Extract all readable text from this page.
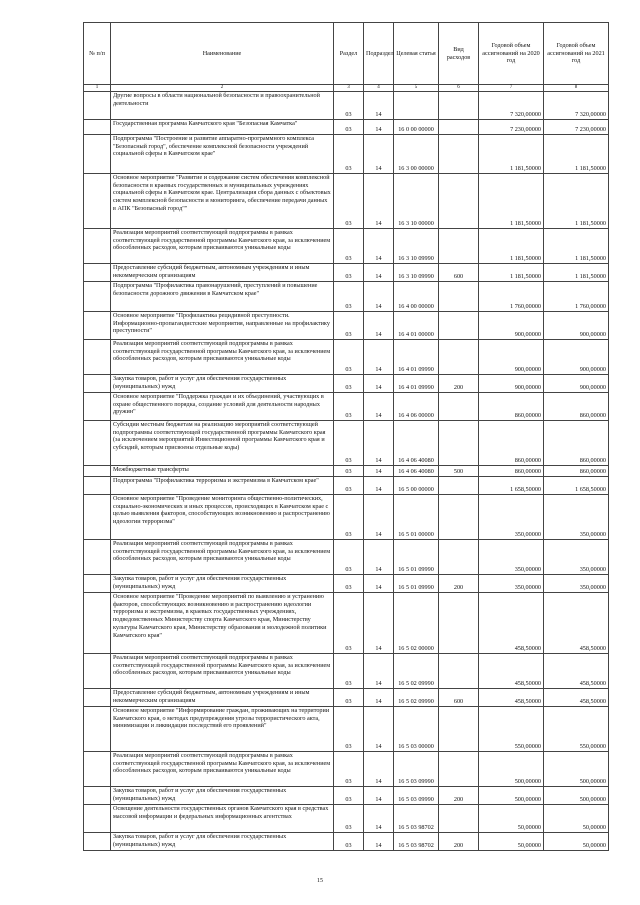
№ п/п	Наименование	Раздел	Подраздел	Целевая статья	Вид расходов	Годовой объем ассигнований на 2020 год	Годовой объем ассигнований на 2021 год
1	2	3	4	5	6	7	8
	Другие вопросы в области национальной безопасности и правоохранительной деятельности	03	14			7 320,00000	7 320,00000
	Государственная программа Камчатского края "Безопасная Камчатка"	03	14	16 0 00 00000		7 230,00000	7 230,00000
	Подпрограмма "Построение и развитие аппаратно-программного комплекса "Безопасный город", обеспечение комплексной безопасности учреждений социальной сферы в Камчатском крае"	03	14	16 3 00 00000		1 181,50000	1 181,50000
	Основное мероприятие "Развитие и содержание систем обеспечения комплексной безопасности в краевых государственных и муниципальных учреждениях социальной сферы в Камчатском крае. Централизация сбора данных с объектовых систем комплексной безопасности и мониторинга, обеспечение передачи данных в АПК "Безопасный город""	03	14	16 3 10 00000		1 181,50000	1 181,50000
	Реализация мероприятий соответствующей подпрограммы в рамках соответствующей государственной программы Камчатского края, за исключением обособленных расходов, которым присваиваются уникальные коды	03	14	16 3 10 09990		1 181,50000	1 181,50000
	Предоставление субсидий бюджетным, автономным учреждениям и иным некоммерческим организациям	03	14	16 3 10 09990	600	1 181,50000	1 181,50000
	Подпрограмма "Профилактика правонарушений, преступлений и повышение безопасности дорожного движения в Камчатском крае"	03	14	16 4 00 00000		1 760,00000	1 760,00000
	Основное мероприятие "Профилактика рецидивной преступности. Информационно-пропагандистские мероприятия, направленные на профилактику преступности"	03	14	16 4 01 00000		900,00000	900,00000
	Реализация мероприятий соответствующей подпрограммы в рамках соответствующей государственной программы Камчатского края, за исключением обособленных расходов, которым присваиваются уникальные коды	03	14	16 4 01 09990		900,00000	900,00000
	Закупка товаров, работ и услуг для обеспечения государственных (муниципальных) нужд	03	14	16 4 01 09990	200	900,00000	900,00000
	Основное мероприятие "Поддержка граждан и их объединений, участвующих в охране общественного порядка, создание условий для деятельности народных дружин"	03	14	16 4 06 00000		860,00000	860,00000
	Субсидии местным бюджетам на реализацию мероприятий соответствующей подпрограммы соответствующей государственной программы Камчатского края (за исключением мероприятий Инвестиционной программы Камчатского края и субсидий, которым присвоены отдельные коды)	03	14	16 4 06 40080		860,00000	860,00000
	Межбюджетные трансферты	03	14	16 4 06 40080	500	860,00000	860,00000
	Подпрограмма "Профилактика терроризма и экстремизма в Камчатском крае"	03	14	16 5 00 00000		1 658,50000	1 658,50000
	Основное мероприятие "Проведение мониторинга общественно-политических, социально-экономических и иных процессов, происходящих в Камчатском крае с целью выявления факторов, способствующих возникновению и распространению идеологии терроризма"	03	14	16 5 01 00000		350,00000	350,00000
	Реализация мероприятий соответствующей подпрограммы в рамках соответствующей государственной программы Камчатского края, за исключением обособленных расходов, которым присваиваются уникальные коды	03	14	16 5 01 09990		350,00000	350,00000
	Закупка товаров, работ и услуг для обеспечения государственных (муниципальных) нужд	03	14	16 5 01 09990	200	350,00000	350,00000
	Основное мероприятие "Проведение мероприятий по выявлению и устранению факторов, способствующих возникновению и распространению идеологии терроризма и экстремизма, в краевых государственных учреждениях, подведомственных Министерству спорта Камчатского края, Министерству культуры Камчатского края, Министерству образования и молодежной политики Камчатского края"	03	14	16 5 02 00000		458,50000	458,50000
	Реализация мероприятий соответствующей подпрограммы в рамках соответствующей государственной программы Камчатского края, за исключением обособленных расходов, которым присваиваются уникальные коды	03	14	16 5 02 09990		458,50000	458,50000
	Предоставление субсидий бюджетным, автономным учреждениям и иным некоммерческим организациям	03	14	16 5 02 09990	600	458,50000	458,50000
	Основное мероприятие "Информирование граждан, проживающих на территории Камчатского края, о методах предупреждения угрозы террористического акта, минимизации и ликвидации последствий его проявлений"	03	14	16 5 03 00000		550,00000	550,00000
	Реализация мероприятий соответствующей подпрограммы в рамках соответствующей государственной программы Камчатского края, за исключением обособленных расходов, которым присваиваются уникальные коды	03	14	16 5 03 09990		500,00000	500,00000
	Закупка товаров, работ и услуг для обеспечения государственных (муниципальных) нужд	03	14	16 5 03 09990	200	500,00000	500,00000
	Освещение деятельности государственных органов Камчатского края в средствах массовой информации и федеральных информационных агентствах	03	14	16 5 03 98702		50,00000	50,00000
	Закупка товаров, работ и услуг для обеспечения государственных (муниципальных) нужд	03	14	16 5 03 98702	200	50,00000	50,00000
15
